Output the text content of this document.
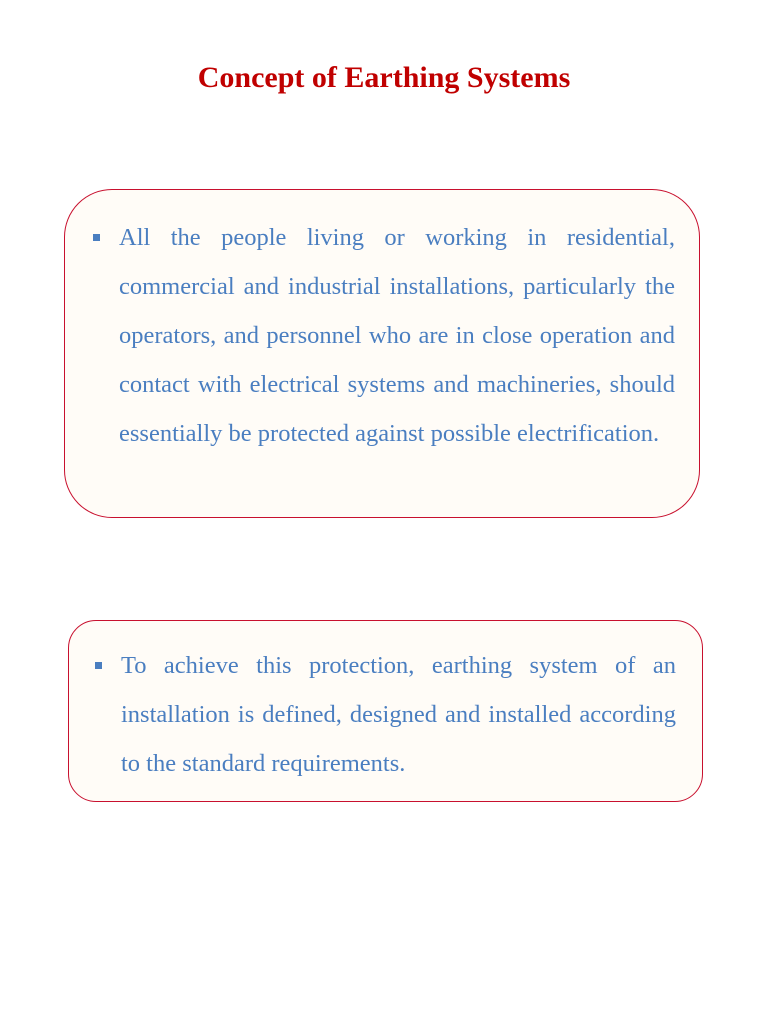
Concept of Earthing Systems

All the people living or working in residential, commercial and industrial installations, particularly the operators, and personnel who are in close operation and contact with electrical systems and machineries, should essentially be protected against possible electrification.

To achieve this protection, earthing system of an installation is defined, designed and installed according to the standard requirements.
